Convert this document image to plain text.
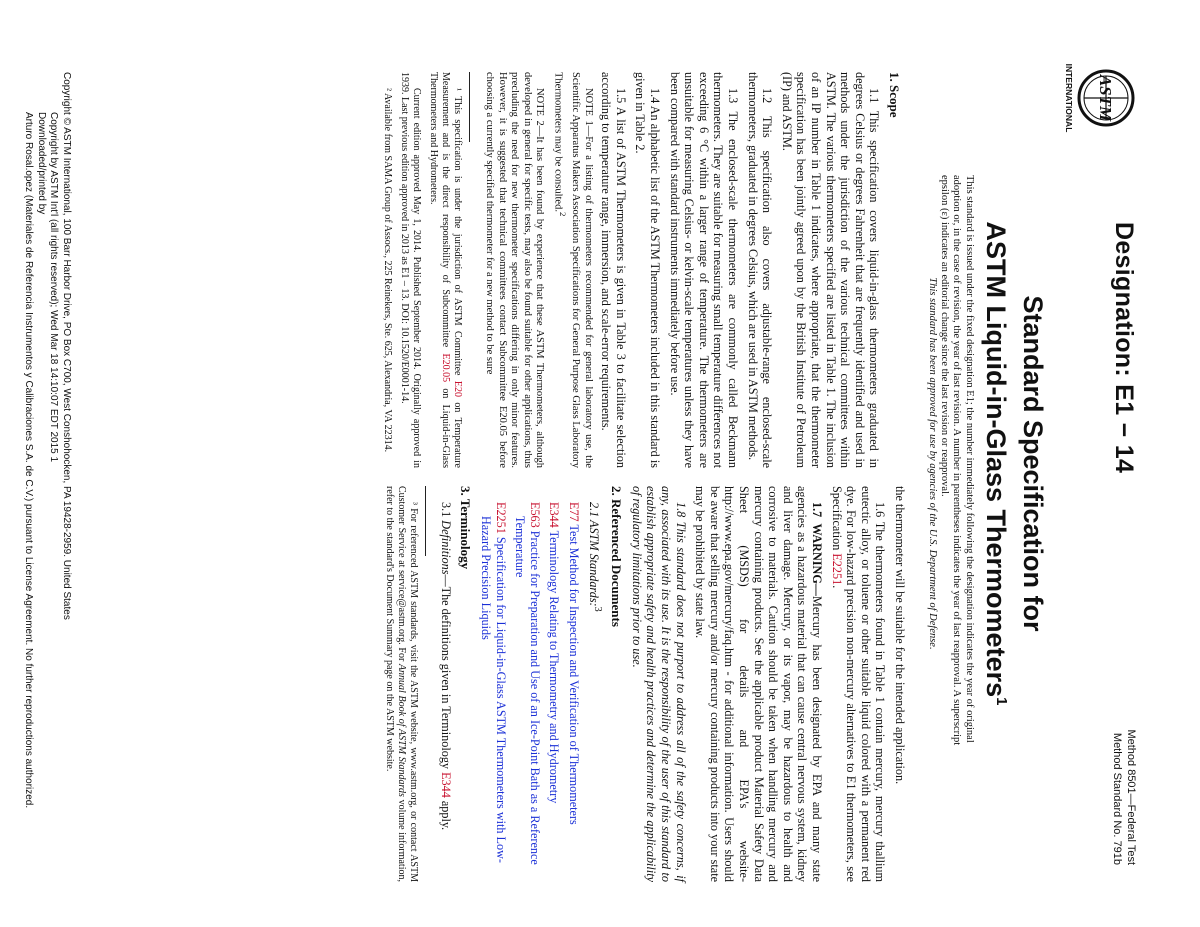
ASTM
INTERNATIONAL
Designation: E1 − 14
Method 8501—Federal Test
Method Standard No. 791b
Standard Specification for
ASTM Liquid-in-Glass Thermometers$^1$
This standard is issued under the fixed designation E1; the number immediately following the designation indicates the year of original adoption or, in the case of revision, the year of last revision. A number in parentheses indicates the year of last reapproval. A superscript epsilon (ε) indicates an editorial change since the last revision or reapproval.
This standard has been approved for use by agencies of the U.S. Department of Defense.
1. Scope

1.1 This specification covers liquid-in-glass thermometers graduated in degrees Celsius or degrees Fahrenheit that are frequently identified and used in methods under the jurisdiction of the various technical committees within ASTM. The various thermometers specified are listed in Table 1. The inclusion of an IP number in Table 1 indicates, where appropriate, that the thermometer specification has been jointly agreed upon by the British Institute of Petroleum (IP) and ASTM.

1.2 This specification also covers adjustable-range enclosed-scale thermometers, graduated in degrees Celsius, which are used in ASTM methods.

1.3 The enclosed-scale thermometers are commonly called Beckmann thermometers. They are suitable for measuring small temperature differences not exceeding 6 °C within a larger range of temperature. The thermometers are unsuitable for measuring Celsius- or kelvin-scale temperatures unless they have been compared with standard instruments immediately before use.

1.4 An alphabetic list of the ASTM Thermometers included in this standard is given in Table 2.

1.5 A list of ASTM Thermometers is given in Table 3 to facilitate selection according to temperature range, immersion, and scale-error requirements.

NOTE 1—For a listing of thermometers recommended for general laboratory use, the Scientific Apparatus Makers Association Specifications for General Purpose Glass Laboratory Thermometers may be consulted.$^2$

NOTE 2—It has been found by experience that these ASTM Thermometers, although developed in general for specific tests, may also be found suitable for other applications, thus precluding the need for new thermometer specifications differing in only minor features. However, it is suggested that technical committees contact Subcommittee E20.05 before choosing a currently specified thermometer for a new method to be sure

¹ This specification is under the jurisdiction of ASTM Committee E20 on Temperature Measurement and is the direct responsibility of Subcommittee E20.05 on Liquid-in-Glass Thermometers and Hydrometers.

Current edition approved May 1, 2014. Published September 2014. Originally approved in 1939. Last previous edition approved in 2013 as E1 – 13. DOI: 10.1520/E0001-14.

² Available from SAMA Group of Assocs., 225 Reinekers, Ste. 625, Alexandria, VA 22314.

the thermometer will be suitable for the intended application.

1.6 The thermometers found in Table 1 contain mercury, mercury thallium eutectic alloy, or toluene or other suitable liquid colored with a permanent red dye. For low-hazard precision non-mercury alternatives to E1 thermometers, see Specification E2251.

1.7 WARNING—Mercury has been designated by EPA and many state agencies as a hazardous material that can cause central nervous system, kidney and liver damage. Mercury, or its vapor, may be hazardous to health and corrosive to materials. Caution should be taken when handling mercury and mercury containing products. See the applicable product Material Safety Data Sheet (MSDS) for details and EPA's website-http://www.epa.gov/mercury/faq.htm - for additional information. Users should be aware that selling mercury and/or mercury containing products into your state may be prohibited by state law.

1.8 This standard does not purport to address all of the safety concerns, if any, associated with its use. It is the responsibility of the user of this standard to establish appropriate safety and health practices and determine the applicability of regulatory limitations prior to use.

2. Referenced Documents

2.1 ASTM Standards:$^3$

E77 Test Method for Inspection and Verification of Thermometers

E344 Terminology Relating to Thermometry and Hydrometry

E563 Practice for Preparation and Use of an Ice-Point Bath as a Reference Temperature

E2251 Specification for Liquid-in-Glass ASTM Thermometers with Low-Hazard Precision Liquids

3. Terminology

3.1 Definitions—The definitions given in Terminology E344 apply.

³ For referenced ASTM standards, visit the ASTM website, www.astm.org, or contact ASTM Customer Service at service@astm.org. For Annual Book of ASTM Standards volume information, refer to the standard's Document Summary page on the ASTM website.

Copyright © ASTM International, 100 Barr Harbor Drive, PO Box C700, West Conshohocken, PA 19428-2959. United States
Copyright by ASTM Int'l (all rights reserved); Wed Mar 18 14:10:07 EDT 2015 1
Downloaded/printed by
Arturo Rosal.opez (Materiales de Referencia Instrumentos y Calibraciones S.A. de C.V.) pursuant to License Agreement. No further reproductions authorized.
